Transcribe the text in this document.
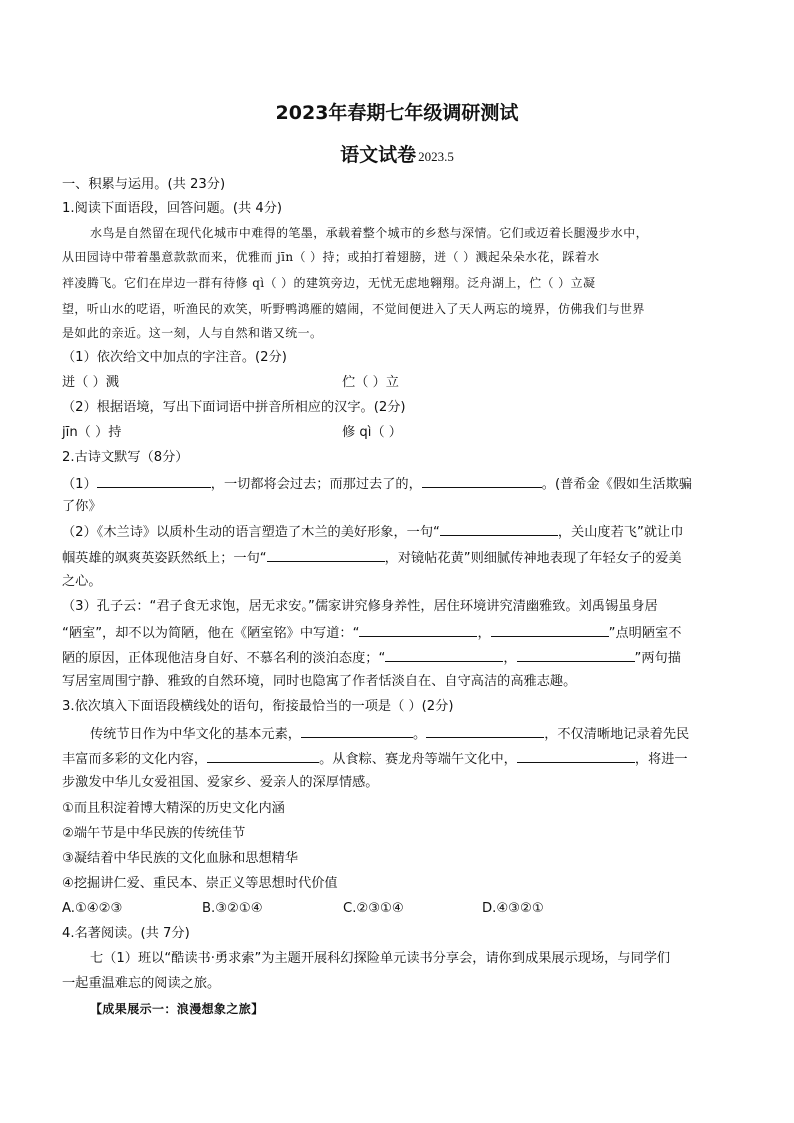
2023年春期七年级调研测试
语文试卷 2023.5
一、积累与运用。(共 23分)
1.阅读下面语段，回答问题。(共 4分)
水鸟是自然留在现代化城市中难得的笔墨，承载着整个城市的乡愁与深情。它们或迈着长腿漫步水中，
从田园诗中带着墨意款款而来，优雅而 jīn（ ）持；或拍打着翅膀，迸（ ）溅起朵朵水花，踩着水
袢凌腾飞。它们在岸边一群有待修 qì（ ）的建筑旁边，无忧无虑地翱翔。泛舟湖上，伫（ ）立凝
望，听山水的呓语，听渔民的欢笑，听野鸭鸿雁的嬉闹，不觉间便进入了天人两忘的境界，仿佛我们与世界
是如此的亲近。这一刻，人与自然和谐又统一。
（1）依次给文中加点的字注音。(2分)
迸（ ）溅	伫（ ）立
（2）根据语境，写出下面词语中拼音所相应的汉字。(2分)
jīn（ ）持	修 qì（ ）
2.古诗文默写（8分）
（1）	，一切都将会过去；而那过去了的，	。(普希金《假如生活欺骗
了你》
（2）《木兰诗》以质朴生动的语言塑造了木兰的美好形象，一句“	，关山度若飞”就让巾
帼英雄的飒爽英姿跃然纸上；一句“	，对镜帖花黄”则细腻传神地表现了年轻女子的爱美
之心。
（3）孔子云：“君子食无求饱，居无求安。”儒家讲究修身养性，居住环境讲究清幽雅致。刘禹锡虽身居
“陋室”，却不以为简陋，他在《陋室铭》中写道：“	，	”点明陋室不
陋的原因，正体现他洁身自好、不慕名利的淡泊态度；“	，	”两句描
写居室周围宁静、雅致的自然环境，同时也隐寓了作者恬淡自在、自守高洁的高雅志趣。
3.依次填入下面语段横线处的语句，衔接最恰当的一项是（ ）(2分)
传统节日作为中华文化的基本元素，	。	，不仅清晰地记录着先民
丰富而多彩的文化内容，	。从食粽、赛龙舟等端午文化中，	，将进一
步激发中华儿女爱祖国、爱家乡、爱亲人的深厚情感。
①而且积淀着博大精深的历史文化内涵
②端午节是中华民族的传统佳节
③凝结着中华民族的文化血脉和思想精华
④挖掘讲仁爱、重民本、崇正义等思想时代价值
A.①④②③	B.③②①④	C.②③①④	D.④③②①
4.名著阅读。(共 7分)
七（1）班以“酷读书·勇求索”为主题开展科幻探险单元读书分享会，请你到成果展示现场，与同学们
一起重温难忘的阅读之旅。
【成果展示一：浪漫想象之旅】
